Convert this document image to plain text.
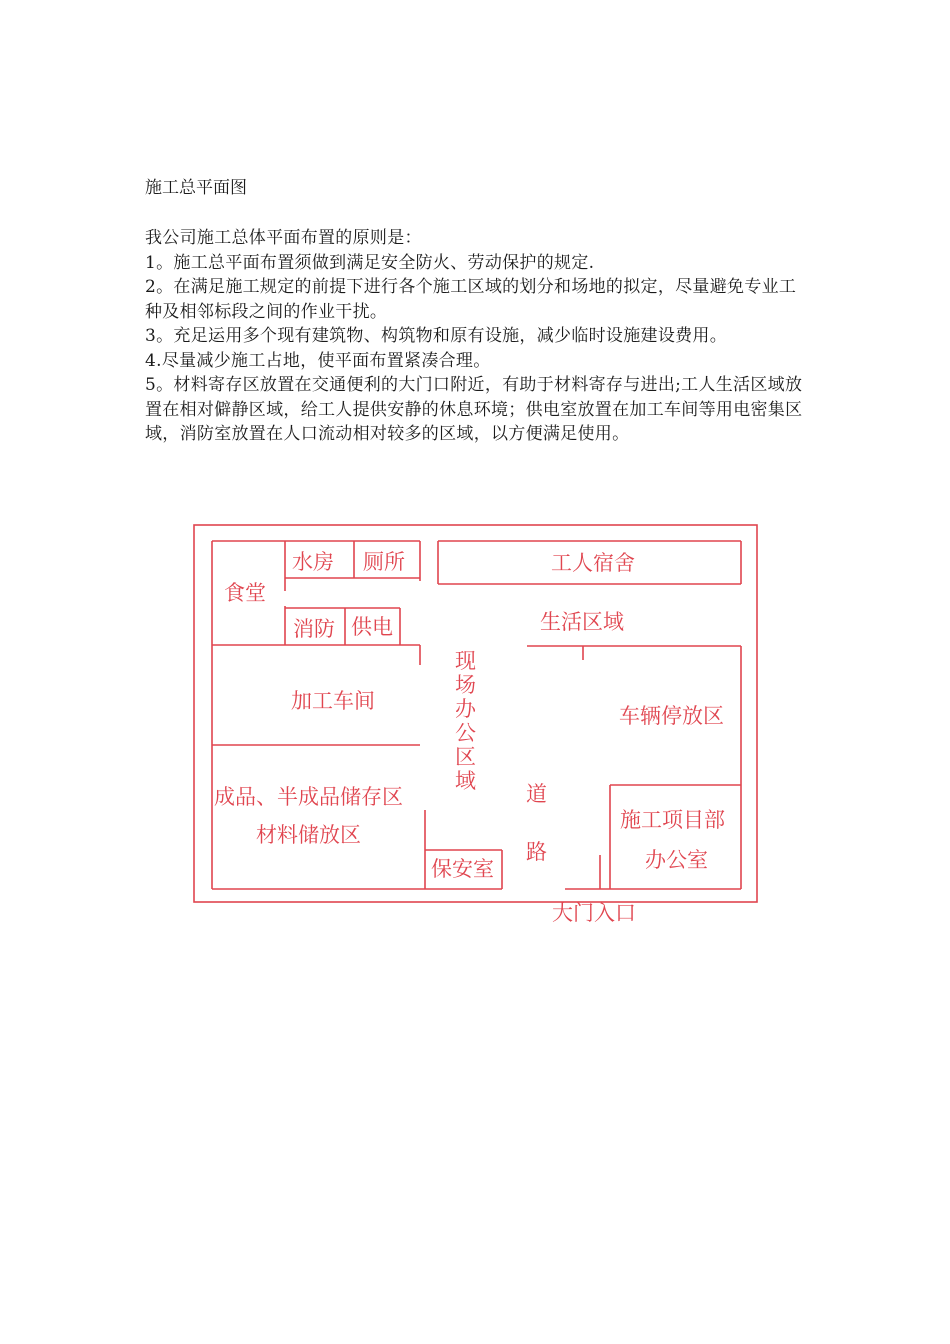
施工总平面图

我公司施工总体平面布置的原则是：

1。施工总平面布置须做到满足安全防火、劳动保护的规定.

2。在满足施工规定的前提下进行各个施工区域的划分和场地的拟定，尽量避免专业工种及相邻标段之间的作业干扰。

3。充足运用多个现有建筑物、构筑物和原有设施，减少临时设施建设费用。

4.尽量减少施工占地，使平面布置紧凑合理。

5。材料寄存区放置在交通便利的大门口附近，有助于材料寄存与进出;工人生活区域放置在相对僻静区域，给工人提供安静的休息环境；供电室放置在加工车间等用电密集区域，消防室放置在人口流动相对较多的区域，以方便满足使用。

食堂
水房 厕所
消防 供电
工人宿舍
生活区域
现
场
办
公
区
域
加工车间
车辆停放区
成品、半成品储存区
材料储放区
道
路
施工项目部
办公室
保安室
大门入口
